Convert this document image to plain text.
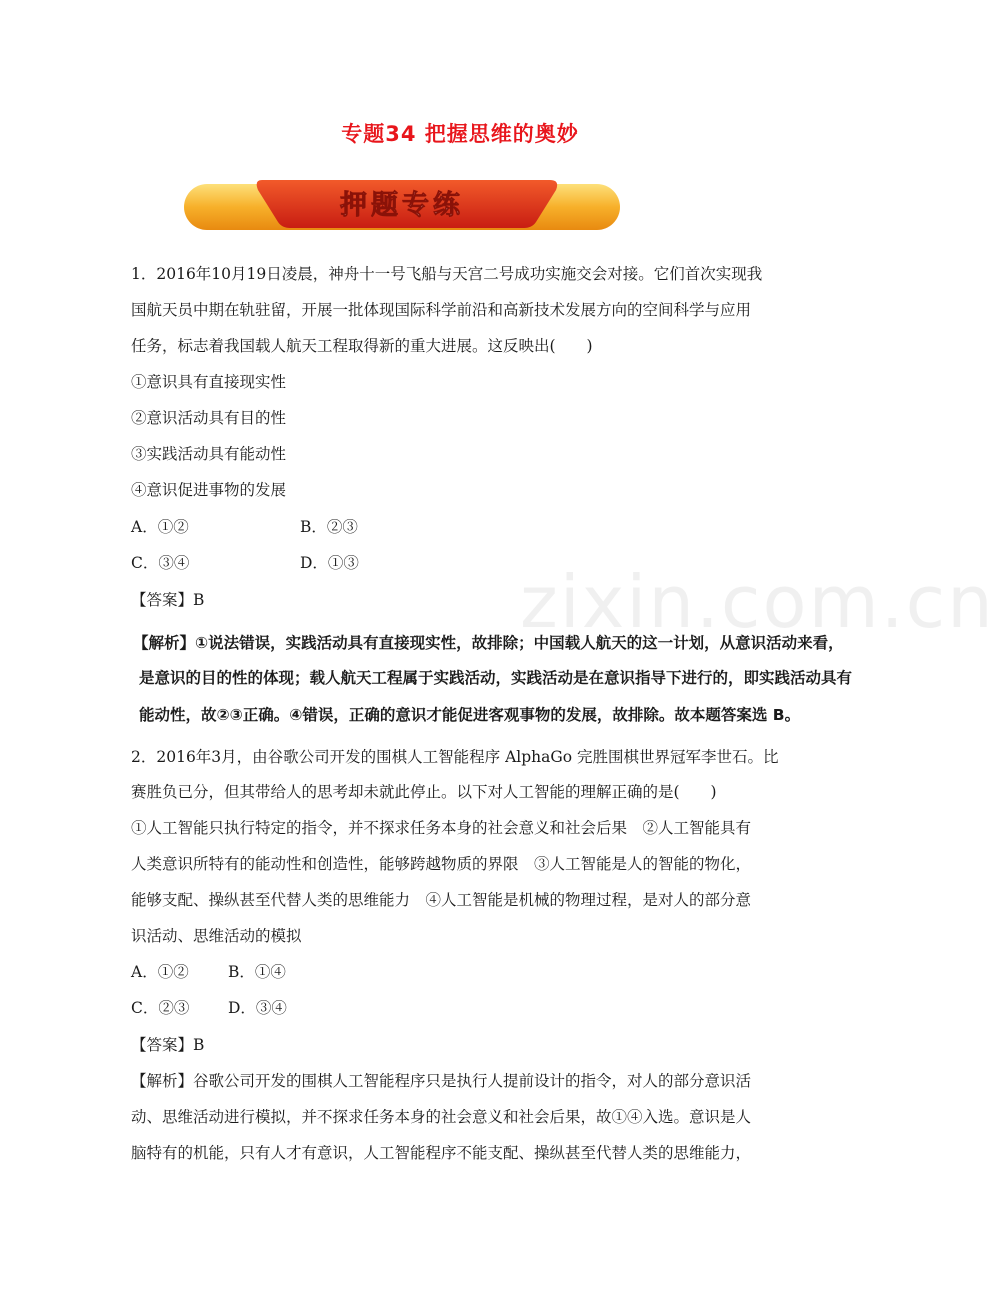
专题34 把握思维的奥妙
押题专练
zixin.com.cn
1．2016年10月19日凌晨，神舟十一号飞船与天宫二号成功实施交会对接。它们首次实现我
国航天员中期在轨驻留，开展一批体现国际科学前沿和高新技术发展方向的空间科学与应用
任务，标志着我国载人航天工程取得新的重大进展。这反映出(　　)
①意识具有直接现实性
②意识活动具有目的性
③实践活动具有能动性
④意识促进事物的发展
A．①②	B．②③
C．③④	D．①③
【答案】B
【解析】①说法错误，实践活动具有直接现实性，故排除；中国载人航天的这一计划，从意识活动来看，
是意识的目的性的体现；载人航天工程属于实践活动，实践活动是在意识指导下进行的，即实践活动具有
能动性，故②③正确。④错误，正确的意识才能促进客观事物的发展，故排除。故本题答案选 B。
2．2016年3月，由谷歌公司开发的围棋人工智能程序 AlphaGo 完胜围棋世界冠军李世石。比
赛胜负已分，但其带给人的思考却未就此停止。以下对人工智能的理解正确的是(　　)
①人工智能只执行特定的指令，并不探求任务本身的社会意义和社会后果　②人工智能具有
人类意识所特有的能动性和创造性，能够跨越物质的界限　③人工智能是人的智能的物化，
能够支配、操纵甚至代替人类的思维能力　④人工智能是机械的物理过程，是对人的部分意
识活动、思维活动的模拟
A．①②	B．①④
C．②③ D．③④
【答案】B
【解析】谷歌公司开发的围棋人工智能程序只是执行人提前设计的指令，对人的部分意识活
动、思维活动进行模拟，并不探求任务本身的社会意义和社会后果，故①④入选。意识是人
脑特有的机能，只有人才有意识，人工智能程序不能支配、操纵甚至代替人类的思维能力，
